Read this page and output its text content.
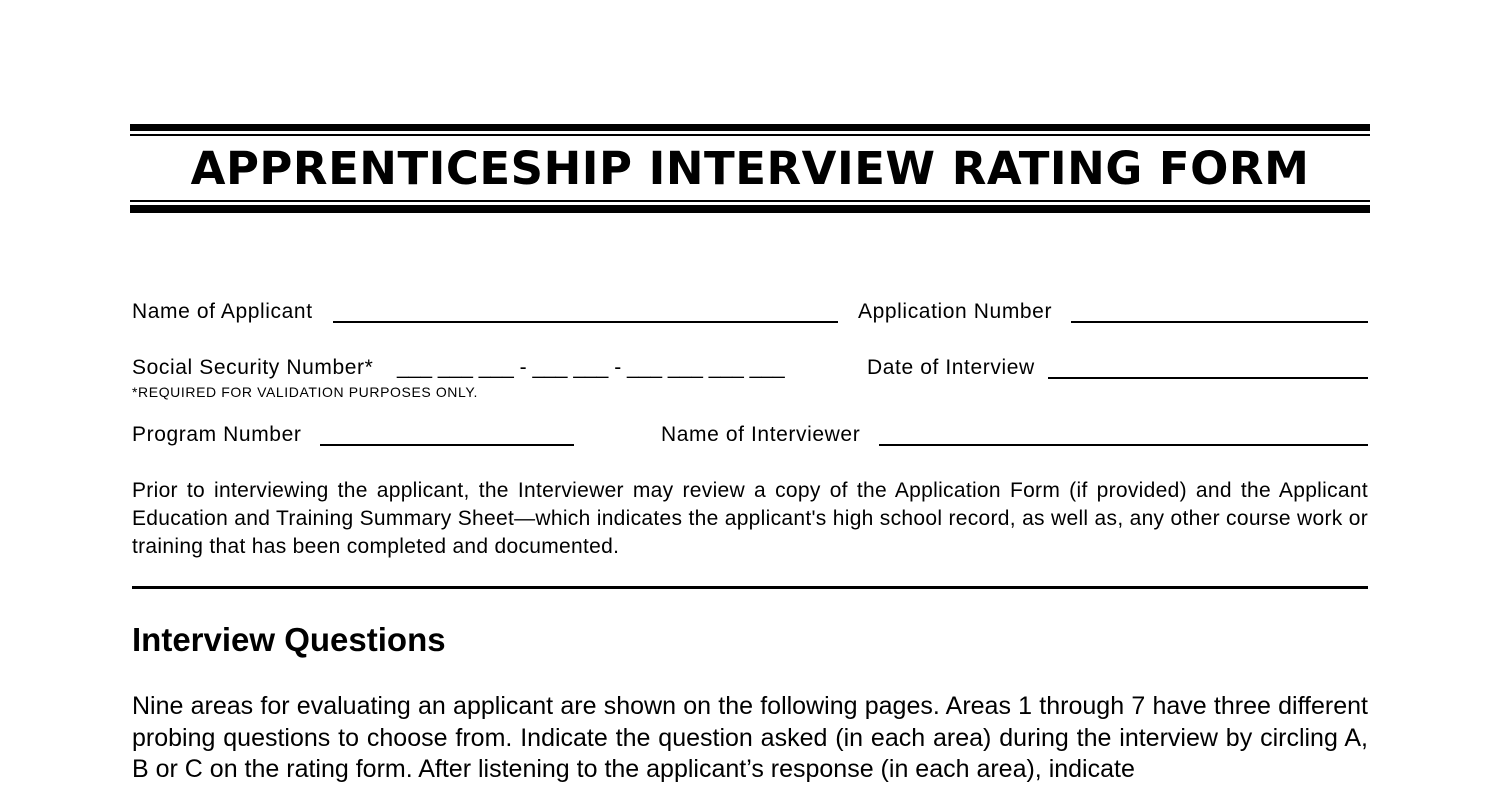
APPRENTICESHIP INTERVIEW RATING FORM
Name of Applicant	Application Number
Social Security Number* ___ ___ ___ - ___ ___ - ___ ___ ___ ___	Date of Interview
*REQUIRED FOR VALIDATION PURPOSES ONLY.
Program Number	Name of Interviewer
Prior to interviewing the applicant, the Interviewer may review a copy of the Application Form (if provided) and the Applicant Education and Training Summary Sheet—which indicates the applicant's high school record, as well as, any other course work or training that has been completed and documented.
Interview Questions
Nine areas for evaluating an applicant are shown on the following pages. Areas 1 through 7 have three different probing questions to choose from. Indicate the question asked (in each area) during the interview by circling A, B or C on the rating form. After listening to the applicant’s response (in each area), indicate
